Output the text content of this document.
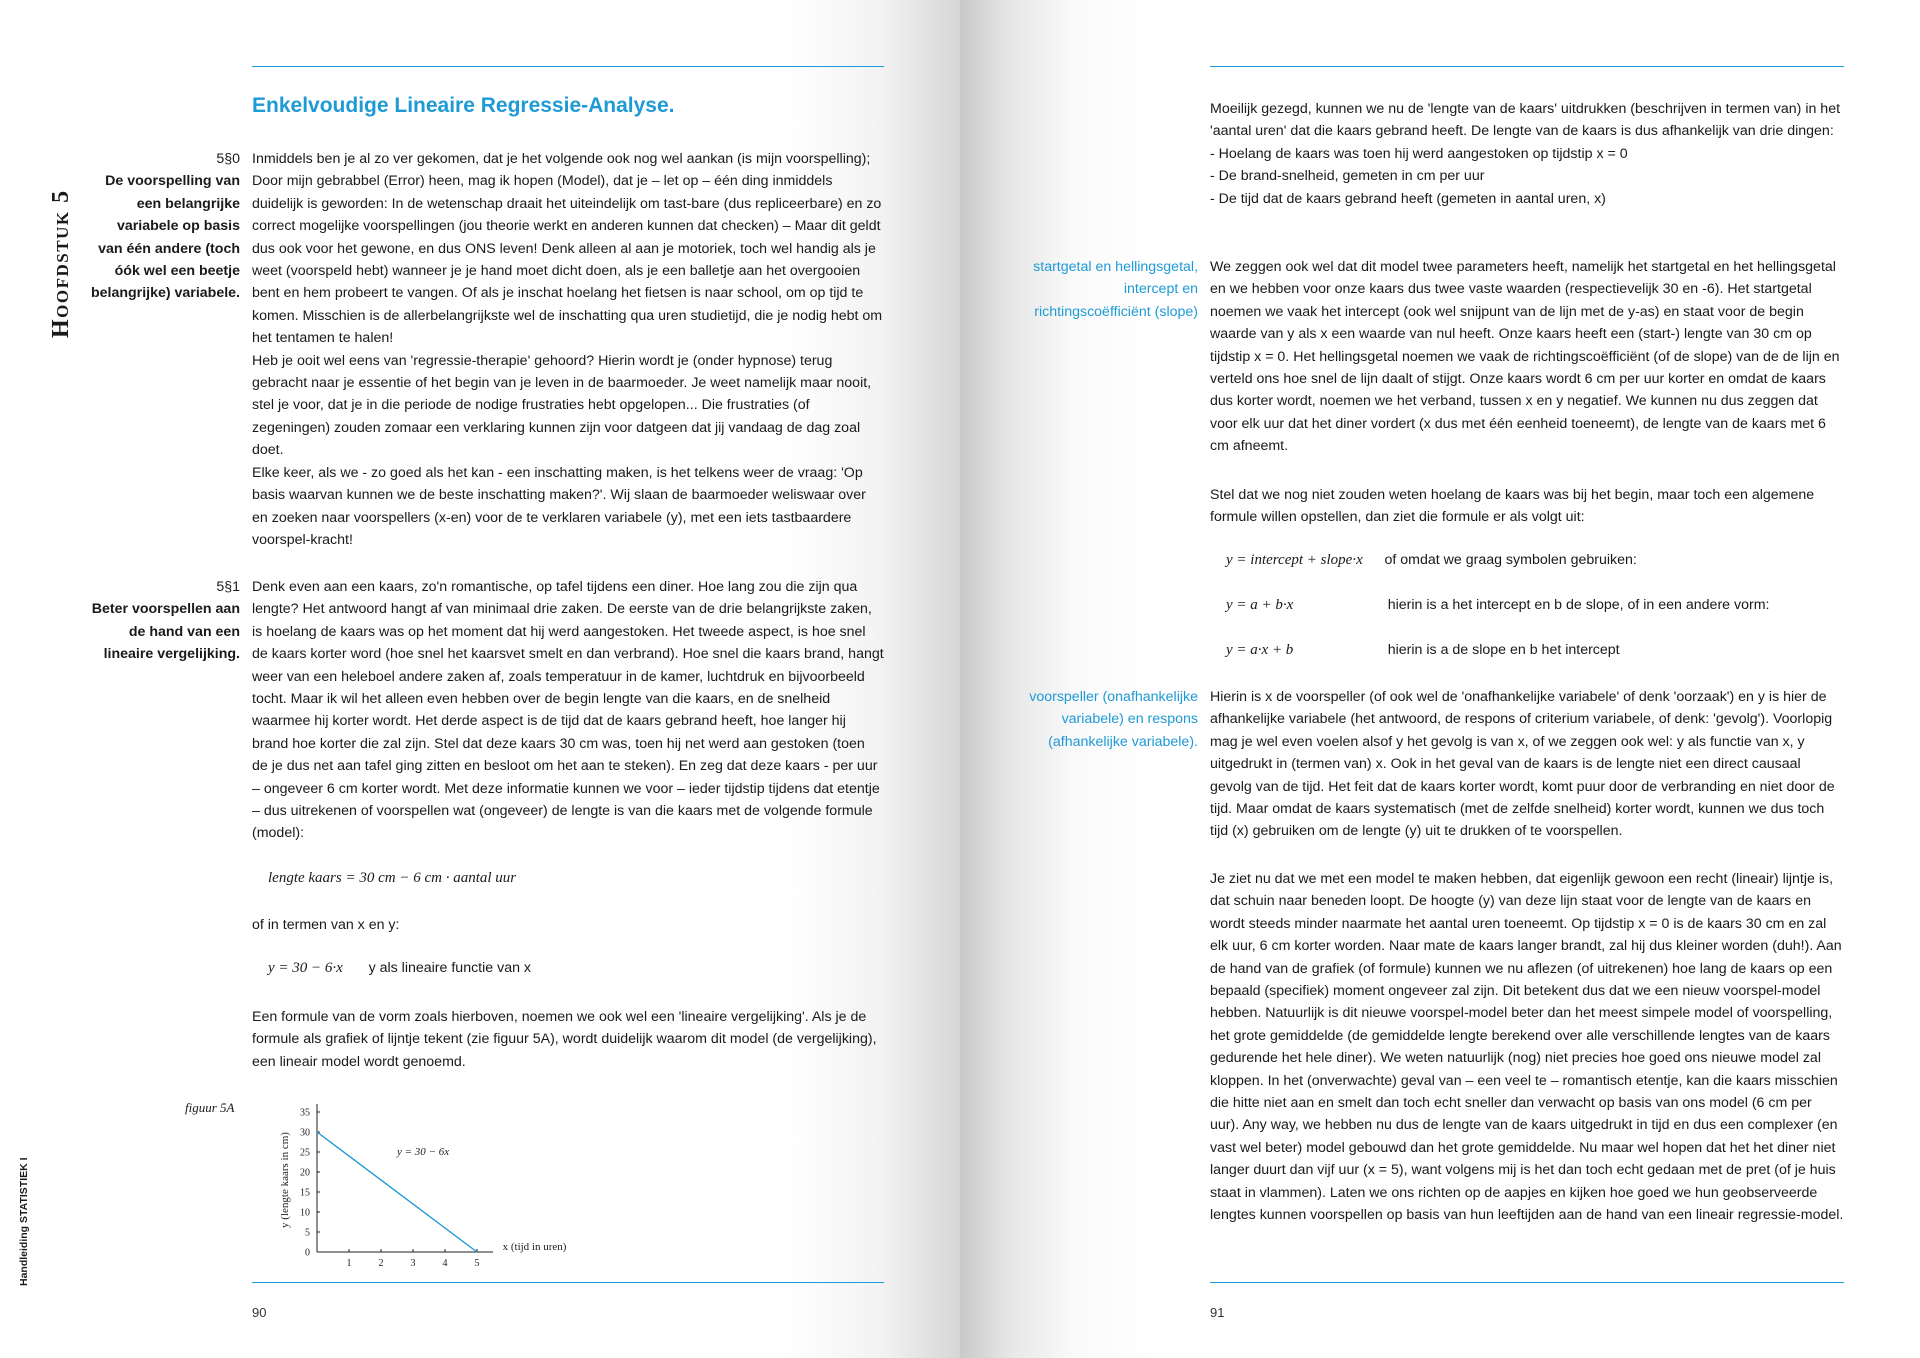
Hoofdstuk 5
Handleiding STATISTIEK I
Enkelvoudige Lineaire Regressie-Analyse.
5§0
De voorspelling van een belangrijke variabele op basis van één andere (toch óók wel een beetje belangrijke) variabele.

Inmiddels ben je al zo ver gekomen, dat je het volgende ook nog wel aankan (is mijn voorspelling); Door mijn gebrabbel (Error) heen, mag ik hopen (Model), dat je – let op – één ding inmiddels duidelijk is geworden: In de wetenschap draait het uiteindelijk om tast-bare (dus repliceerbare) en zo correct mogelijke voorspellingen (jou theorie werkt en anderen kunnen dat checken) – Maar dit geldt dus ook voor het gewone, en dus ONS leven! Denk alleen al aan je motoriek, toch wel handig als je weet (voorspeld hebt) wanneer je je hand moet dicht doen, als je een balletje aan het overgooien bent en hem probeert te vangen. Of als je inschat hoelang het fietsen is naar school, om op tijd te komen. Misschien is de allerbelangrijkste wel de inschatting qua uren studietijd, die je nodig hebt om het tentamen te halen!

Heb je ooit wel eens van 'regressie-therapie' gehoord? Hierin wordt je (onder hypnose) terug gebracht naar je essentie of het begin van je leven in de baarmoeder. Je weet namelijk maar nooit, stel je voor, dat je in die periode de nodige frustraties hebt opgelopen... Die frustraties (of zegeningen) zouden zomaar een verklaring kunnen zijn voor datgeen dat jij vandaag de dag zoal doet.

Elke keer, als we - zo goed als het kan - een inschatting maken, is het telkens weer de vraag: 'Op basis waarvan kunnen we de beste inschatting maken?'. Wij slaan de baarmoeder weliswaar over en zoeken naar voorspellers (x-en) voor de te verklaren variabele (y), met een iets tastbaardere voorspel-kracht!

5§1
Beter voorspellen aan de hand van een lineaire vergelijking.

Denk even aan een kaars, zo'n romantische, op tafel tijdens een diner. Hoe lang zou die zijn qua lengte? Het antwoord hangt af van minimaal drie zaken. De eerste van de drie belangrijkste zaken, is hoelang de kaars was op het moment dat hij werd aangestoken. Het tweede aspect, is hoe snel de kaars korter word (hoe snel het kaarsvet smelt en dan verbrand). Hoe snel die kaars brand, hangt weer van een heleboel andere zaken af, zoals temperatuur in de kamer, luchtdruk en bijvoorbeeld tocht. Maar ik wil het alleen even hebben over de begin lengte van die kaars, en de snelheid waarmee hij korter wordt. Het derde aspect is de tijd dat de kaars gebrand heeft, hoe langer hij brand hoe korter die zal zijn. Stel dat deze kaars 30 cm was, toen hij net werd aan gestoken (toen de je dus net aan tafel ging zitten en besloot om het aan te steken). En zeg dat deze kaars - per uur – ongeveer 6 cm korter wordt. Met deze informatie kunnen we voor – ieder tijdstip tijdens dat etentje – dus uitrekenen of voorspellen wat (ongeveer) de lengte is van die kaars met de volgende formule (model):

lengte kaars = 30 cm − 6 cm · aantal uur
of in termen van x en y:
y = 30 − 6·x y als lineaire functie van x
Een formule van de vorm zoals hierboven, noemen we ook wel een 'lineaire vergelijking'. Als je de formule als grafiek of lijntje tekent (zie figuur 5A), wordt duidelijk waarom dit model (de vergelijking), een lineair model wordt genoemd.
figuur 5A
1	2	3	4	5
0
5
10
15
20
25
30
35
y = 30 − 6x
x (tijd in uren)
y (lengte kaars in cm)
90

Moeilijk gezegd, kunnen we nu de 'lengte van de kaars' uitdrukken (beschrijven in termen van) in het 'aantal uren' dat die kaars gebrand heeft. De lengte van de kaars is dus afhankelijk van drie dingen:

- Hoelang de kaars was toen hij werd aangestoken op tijdstip x = 0

- De brand-snelheid, gemeten in cm per uur

- De tijd dat de kaars gebrand heeft (gemeten in aantal uren, x)

startgetal en hellingsgetal, intercept en richtingscoëfficiënt (slope)
We zeggen ook wel dat dit model twee parameters heeft, namelijk het startgetal en het hellingsgetal en we hebben voor onze kaars dus twee vaste waarden (respectievelijk 30 en -6). Het startgetal noemen we vaak het intercept (ook wel snijpunt van de lijn met de y-as) en staat voor de begin waarde van y als x een waarde van nul heeft. Onze kaars heeft een (start-) lengte van 30 cm op tijdstip x = 0. Het hellingsgetal noemen we vaak de richtingscoëfficiënt (of de slope) van de de lijn en verteld ons hoe snel de lijn daalt of stijgt. Onze kaars wordt 6 cm per uur korter en omdat de kaars dus korter wordt, noemen we het verband, tussen x en y negatief. We kunnen nu dus zeggen dat voor elk uur dat het diner vordert (x dus met één eenheid toeneemt), de lengte van de kaars met 6 cm afneemt.
Stel dat we nog niet zouden weten hoelang de kaars was bij het begin, maar toch een algemene formule willen opstellen, dan ziet die formule er als volgt uit:
y = intercept + slope·x of omdat we graag symbolen gebruiken:
y = a + b·x	hierin is a het intercept en b de slope, of in een andere vorm:
y = a·x + b	hierin is a de slope en b het intercept
voorspeller (onafhankelijke variabele) en respons (afhankelijke variabele).
Hierin is x de voorspeller (of ook wel de 'onafhankelijke variabele' of denk 'oorzaak') en y is hier de afhankelijke variabele (het antwoord, de respons of criterium variabele, of denk: 'gevolg'). Voorlopig mag je wel even voelen alsof y het gevolg is van x, of we zeggen ook wel: y als functie van x, y uitgedrukt in (termen van) x. Ook in het geval van de kaars is de lengte niet een direct causaal gevolg van de tijd. Het feit dat de kaars korter wordt, komt puur door de verbranding en niet door de tijd. Maar omdat de kaars systematisch (met de zelfde snelheid) korter wordt, kunnen we dus toch tijd (x) gebruiken om de lengte (y) uit te drukken of te voorspellen.
Je ziet nu dat we met een model te maken hebben, dat eigenlijk gewoon een recht (lineair) lijntje is, dat schuin naar beneden loopt. De hoogte (y) van deze lijn staat voor de lengte van de kaars en wordt steeds minder naarmate het aantal uren toeneemt. Op tijdstip x = 0 is de kaars 30 cm en zal elk uur, 6 cm korter worden. Naar mate de kaars langer brandt, zal hij dus kleiner worden (duh!). Aan de hand van de grafiek (of formule) kunnen we nu aflezen (of uitrekenen) hoe lang de kaars op een bepaald (specifiek) moment ongeveer zal zijn. Dit betekent dus dat we een nieuw voorspel-model hebben. Natuurlijk is dit nieuwe voorspel-model beter dan het meest simpele model of voorspelling, het grote gemiddelde (de gemiddelde lengte berekend over alle verschillende lengtes van de kaars gedurende het hele diner). We weten natuurlijk (nog) niet precies hoe goed ons nieuwe model zal kloppen. In het (onverwachte) geval van – een veel te – romantisch etentje, kan die kaars misschien die hitte niet aan en smelt dan toch echt sneller dan verwacht op basis van ons model (6 cm per uur). Any way, we hebben nu dus de lengte van de kaars uitgedrukt in tijd en dus een complexer (en vast wel beter) model gebouwd dan het grote gemiddelde. Nu maar wel hopen dat het het diner niet langer duurt dan vijf uur (x = 5), want volgens mij is het dan toch echt gedaan met de pret (of je huis staat in vlammen). Laten we ons richten op de aapjes en kijken hoe goed we hun geobserveerde lengtes kunnen voorspellen op basis van hun leeftijden aan de hand van een lineair regressie-model.
91
